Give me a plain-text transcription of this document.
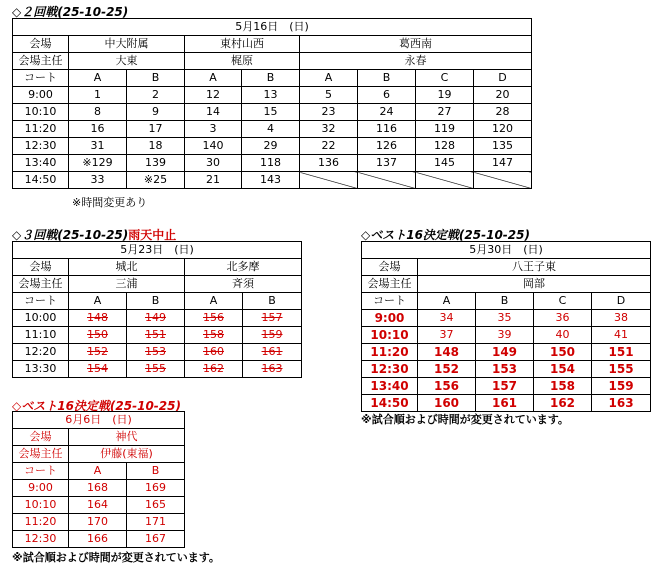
◇２回戦(25-10-25)
5月16日　(日)								
会場	中大附属		東村山西		葛西南			
会場主任	大東		梶原		永春			
コート	A	B	A	B	A	B	C	D
9:00	1	2	12	13	5	6	19	20
10:10	8	9	14	15	23	24	27	28
11:20	16	17	3	4	32	116	119	120
12:30	31	18	140	29	22	126	128	135
13:40	※129	139	30	118	136	137	145	147
14:50	33	※25	21	143				
※時間変更あり
◇３回戦(25-10-25)雨天中止
5月23日　(日)				
会場	城北		北多摩	
会場主任	三浦		斉須	
コート	A	B	A	B
10:00	148	149	156	157
11:10	150	151	158	159
12:20	152	153	160	161
13:30	154	155	162	163
◇ベスト16決定戦(25-10-25)
6月6日　(日)		
会場	神代	
会場主任	伊藤(東福)	
コート	A	B
9:00	168	169
10:10	164	165
11:20	170	171
12:30	166	167
※試合順および時間が変更されています。
◇ベスト16決定戦(25-10-25)
5月30日　(日)				
会場	八王子東			
会場主任	岡部			
コート	A	B	C	D
9:00	34	35	36	38
10:10	37	39	40	41
11:20	148	149	150	151
12:30	152	153	154	155
13:40	156	157	158	159
14:50	160	161	162	163
※試合順および時間が変更されています。
